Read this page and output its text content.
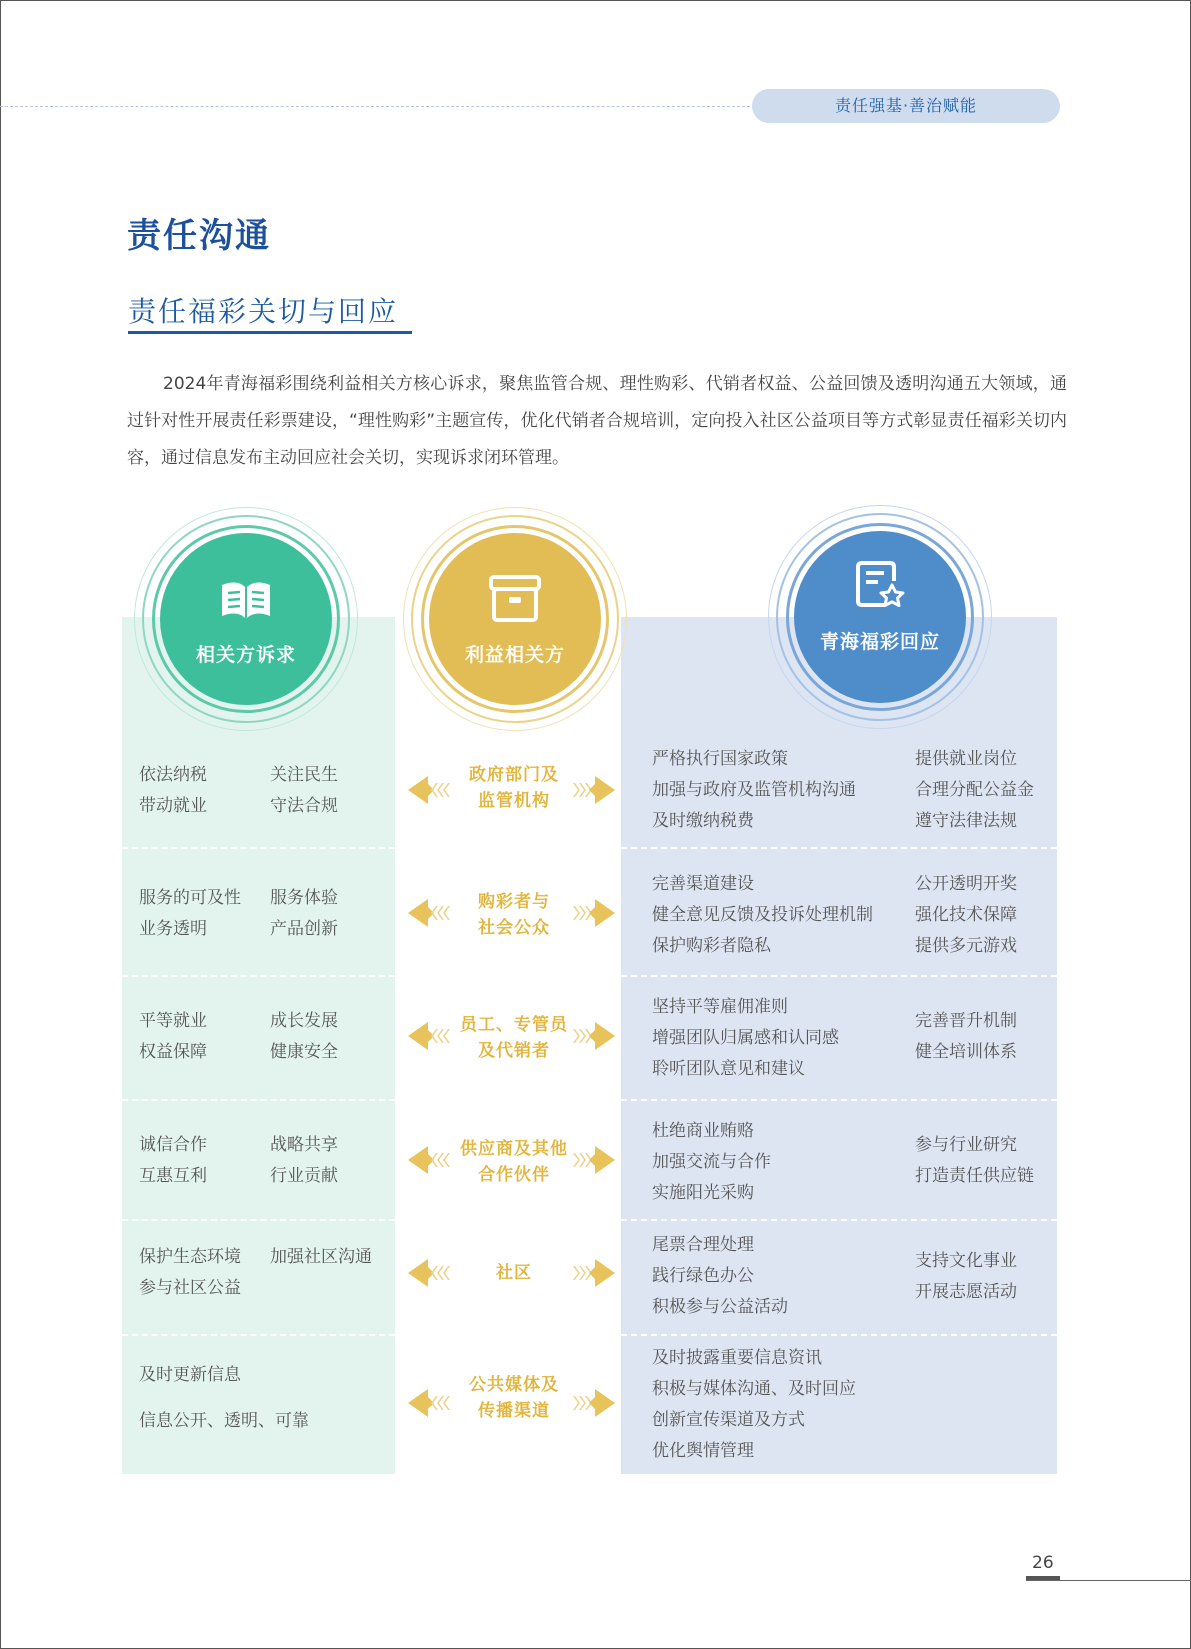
责任强基·善治赋能
责任沟通
责任福彩关切与回应
2024年青海福彩围绕利益相关方核心诉求，聚焦监管合规、理性购彩、代销者权益、公益回馈及透明沟通五大领域，通过针对性开展责任彩票建设，“理性购彩”主题宣传，优化代销者合规培训，定向投入社区公益项目等方式彰显责任福彩关切内容，通过信息发布主动回应社会关切，实现诉求闭环管理。
相关方诉求	利益相关方
青海福彩回应
依法纳税
带动就业
关注民生
守法合规
政府部门及
监管机构
严格执行国家政策
加强与政府及监管机构沟通
及时缴纳税费
提供就业岗位
合理分配公益金
遵守法律法规
服务的可及性
业务透明
服务体验
产品创新
购彩者与
社会公众
完善渠道建设
健全意见反馈及投诉处理机制
保护购彩者隐私
公开透明开奖
强化技术保障
提供多元游戏
平等就业
权益保障
成长发展
健康安全
员工、专管员
及代销者
坚持平等雇佣准则
增强团队归属感和认同感
聆听团队意见和建议
完善晋升机制
健全培训体系
诚信合作
互惠互利
战略共享
行业贡献
供应商及其他
合作伙伴
杜绝商业贿赂
加强交流与合作
实施阳光采购
参与行业研究
打造责任供应链
保护生态环境
参与社区公益
加强社区沟通
社区
尾票合理处理
践行绿色办公
积极参与公益活动
支持文化事业
开展志愿活动
及时更新信息
信息公开、透明、可靠
公共媒体及
传播渠道
及时披露重要信息资讯
积极与媒体沟通、及时回应
创新宣传渠道及方式
优化舆情管理
26
